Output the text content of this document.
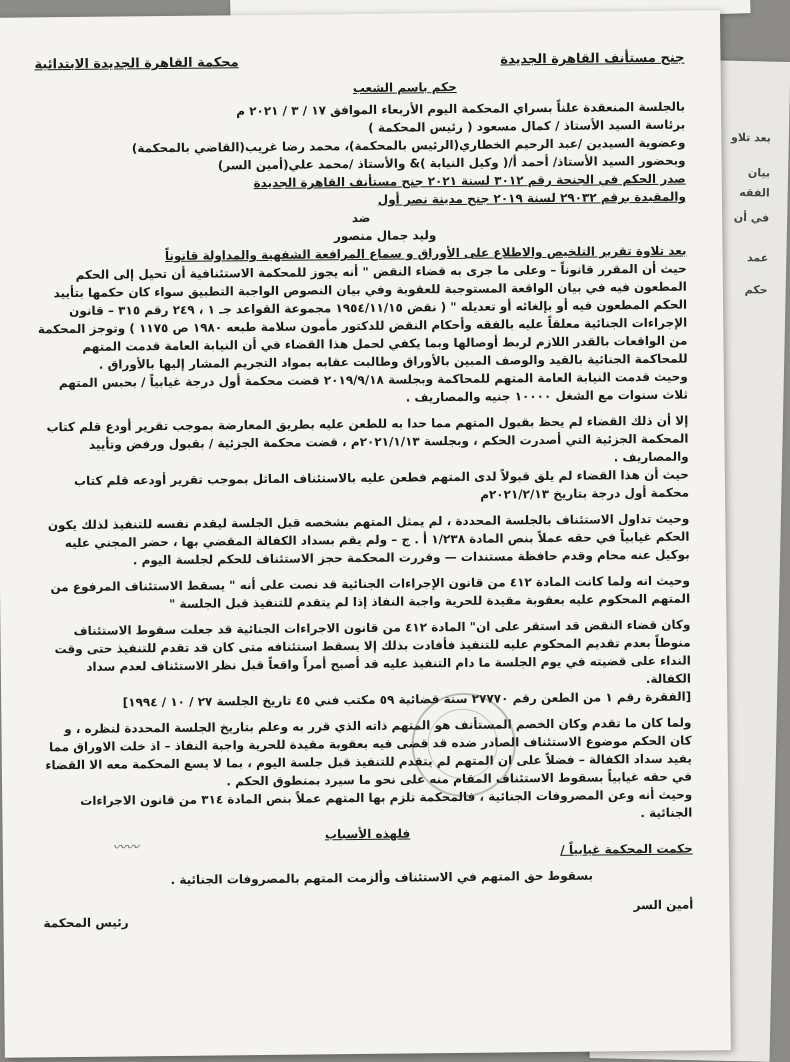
بعد تلاو
بيان
الفقه
في أن
عمد
حكم
جنح مستأنف القاهرة الجديدة
محكمة القاهرة الجديدة الابتدائية
حكم باسم الشعب

بالجلسة المنعقدة علناً بسراي المحكمة اليوم الأربعاء الموافق ١٧ / ٣ / ٢٠٢١ م

برئاسة السيد الأستاذ / كمال مسعود ( رئيس المحكمة )

وعضوية السيدين /عبد الرحيم الخطاري(الرئيس بالمحكمة)، محمد رضا غريب(القاضي بالمحكمة)

وبحضور السيد الأستاذ/ أحمد أ/( وكيل النيابة )& والأستاذ /محمد علي(أمين السر)

صدر الحكم في الجنحة رقم ٣٠١٢ لسنة ٢٠٢١ جنح مستأنف القاهرة الجديدة

والمقيدة برقم ٢٩٠٣٢ لسنة ٢٠١٩ جنح مدينة نصر أول

ضد

وليد جمال منصور

بعد تلاوة تقرير التلخيص والاطلاع على الأوراق و سماع المرافعة الشفهية والمداولة قانوناً

حيث أن المقرر قانوناً – وعلى ما جرى به قضاء النقض " أنه يجوز للمحكمة الاستئنافية أن تحيل إلى الحكم المطعون فيه في بيان الواقعة المستوجبة للعقوبة وفي بيان النصوص الواجبة التطبيق سواء كان حكمها بتأييد الحكم المطعون فيه أو بإلغائه أو تعديله " ( نقض ١٩٥٤/١١/١٥ مجموعة القواعد جـ ١ ، ٢٤٩ رقم ٣١٥ – قانون الإجراءات الجنائية معلقاً عليه بالفقه وأحكام النقض للدكتور مأمون سلامة طبعه ١٩٨٠ ص ١١٧٥ ) وتوجز المحكمة من الواقعات بالقدر اللازم لربط أوصالها وبما يكفي لحمل هذا القضاء في أن النيابة العامة قدمت المتهم للمحاكمة الجنائية بالقيد والوصف المبين بالأوراق وطالبت عقابه بمواد التجريم المشار إليها بالأوراق .

وحيث قدمت النيابة العامة المتهم للمحاكمة وبجلسة ٢٠١٩/٩/١٨ قضت محكمة أول درجة غيابياً / بحبس المتهم ثلاث سنوات مع الشغل ١٠٠٠٠ جنيه والمصاريف .

إلا أن ذلك القضاء لم يحظ بقبول المتهم مما حدا به للطعن عليه بطريق المعارضة بموجب تقرير أودع قلم كتاب المحكمة الجزئية التي أصدرت الحكم ، وبجلسة ٢٠٢١/١/١٣م ، قضت محكمة الجزئية / بقبول ورفض وتأييد والمصاريف .

حيث أن هذا القضاء لم يلق قبولاً لدى المتهم فطعن عليه بالاستئناف الماثل بموجب تقرير أودعه قلم كتاب محكمة أول درجة بتاريخ ٢٠٢١/٢/١٣م

وحيث تداول الاستئناف بالجلسة المحددة ، لم يمثل المتهم بشخصه قبل الجلسة ليقدم نفسه للتنفيذ لذلك يكون الحكم غيابياً في حقه عملاً بنص المادة ١/٢٣٨ أ . ج – ولم يقم بسداد الكفالة المقضي بها ، حضر المجني عليه بوكيل عنه محام وقدم حافظة مستندات — وقررت المحكمة حجز الاستئناف للحكم لجلسة اليوم .

وحيث انه ولما كانت المادة ٤١٢ من قانون الإجراءات الجنائية قد نصت على أنه " يسقط الاستئناف المرفوع من المتهم المحكوم عليه بعقوبة مقيدة للحرية واجبة النفاذ إذا لم يتقدم للتنفيذ قبل الجلسة "

وكان قضاء النقض قد استقر على ان" المادة ٤١٢ من قانون الاجراءات الجنائية قد جعلت سقوط الاستئناف منوطاً بعدم تقديم المحكوم عليه للتنفيذ فأفادت بذلك إلا يسقط استئنافه متى كان قد تقدم للتنفيذ حتى وقت النداء على قضيته في يوم الجلسة ما دام التنفيذ عليه قد أصبح أمراً واقعاً قبل نظر الاستئناف لعدم سداد الكفالة.

[الفقرة رقم ١ من الطعن رقم ٢٧٧٧٠ سنة قضائية ٥٩ مكتب فني ٤٥ تاريخ الجلسة ٢٧ / ١٠ / ١٩٩٤]

ولما كان ما تقدم وكان الخصم المستأنف هو المتهم ذاته الذي قرر به وعلم بتاريخ الجلسة المحددة لنظره ، و كان الحكم موضوع الاستئناف الصادر ضده قد قضى فيه بعقوبة مقيدة للحرية واجبة النفاذ – اذ خلت الاوراق مما يفيد سداد الكفالة – فضلاً على ان المتهم لم يتقدم للتنفيذ قبل جلسة اليوم ، بما لا يسع المحكمة معه الا القضاء في حقه غيابياً بسقوط الاستئناف المقام منه على نحو ما سيرد بمنطوق الحكم .

وحيث أنه وعن المصروفات الجنائية ، فالمحكمة تلزم بها المتهم عملاً بنص المادة ٣١٤ من قانون الاجراءات الجنائية .

فلهذه الأسباب

حكمت المحكمة غيابياً /

بسقوط حق المتهم في الاستئناف وألزمت المتهم بالمصروفات الجنائية .

أمين السر
رئيس المحكمة
〰〰
